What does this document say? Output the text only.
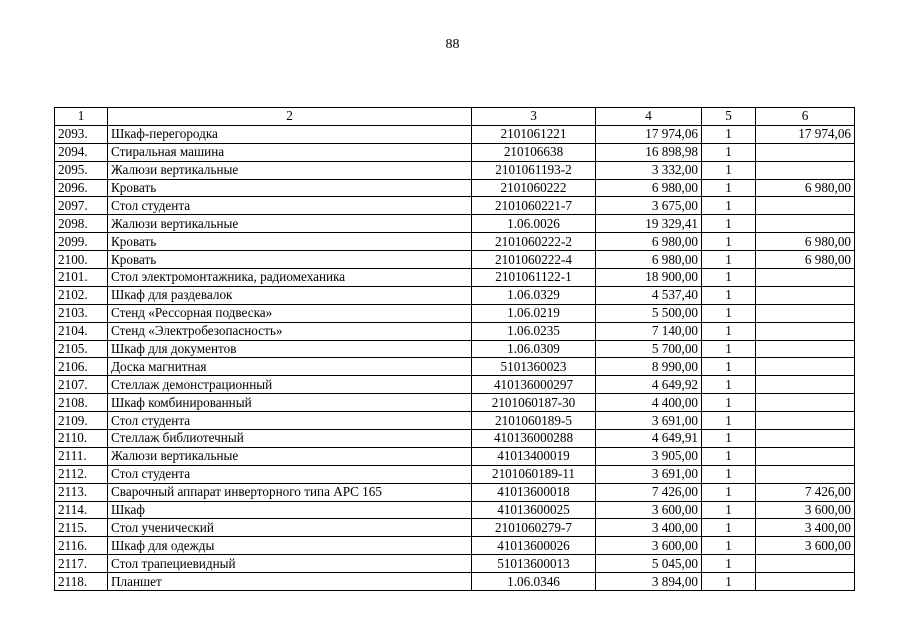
88
1	2	3	4	5	6
2093.	Шкаф-перегородка	2101061221	17 974,06	1	17 974,06
2094.	Стиральная машина	210106638	16 898,98	1	
2095.	Жалюзи вертикальные	2101061193-2	3 332,00	1	
2096.	Кровать	2101060222	6 980,00	1	6 980,00
2097.	Стол студента	2101060221-7	3 675,00	1	
2098.	Жалюзи вертикальные	1.06.0026	19 329,41	1	
2099.	Кровать	2101060222-2	6 980,00	1	6 980,00
2100.	Кровать	2101060222-4	6 980,00	1	6 980,00
2101.	Стол электромонтажника, радиомеханика	2101061122-1	18 900,00	1	
2102.	Шкаф для раздевалок	1.06.0329	4 537,40	1	
2103.	Стенд «Рессорная подвеска»	1.06.0219	5 500,00	1	
2104.	Стенд «Электробезопасность»	1.06.0235	7 140,00	1	
2105.	Шкаф для документов	1.06.0309	5 700,00	1	
2106.	Доска магнитная	5101360023	8 990,00	1	
2107.	Стеллаж демонстрационный	410136000297	4 649,92	1	
2108.	Шкаф комбинированный	2101060187-30	4 400,00	1	
2109.	Стол студента	2101060189-5	3 691,00	1	
2110.	Стеллаж библиотечный	410136000288	4 649,91	1	
2111.	Жалюзи вертикальные	41013400019	3 905,00	1	
2112.	Стол студента	2101060189-11	3 691,00	1	
2113.	Сварочный аппарат инверторного типа APC 165	41013600018	7 426,00	1	7 426,00
2114.	Шкаф	41013600025	3 600,00	1	3 600,00
2115.	Стол ученический	2101060279-7	3 400,00	1	3 400,00
2116.	Шкаф для одежды	41013600026	3 600,00	1	3 600,00
2117.	Стол трапециевидный	51013600013	5 045,00	1	
2118.	Планшет	1.06.0346	3 894,00	1	
